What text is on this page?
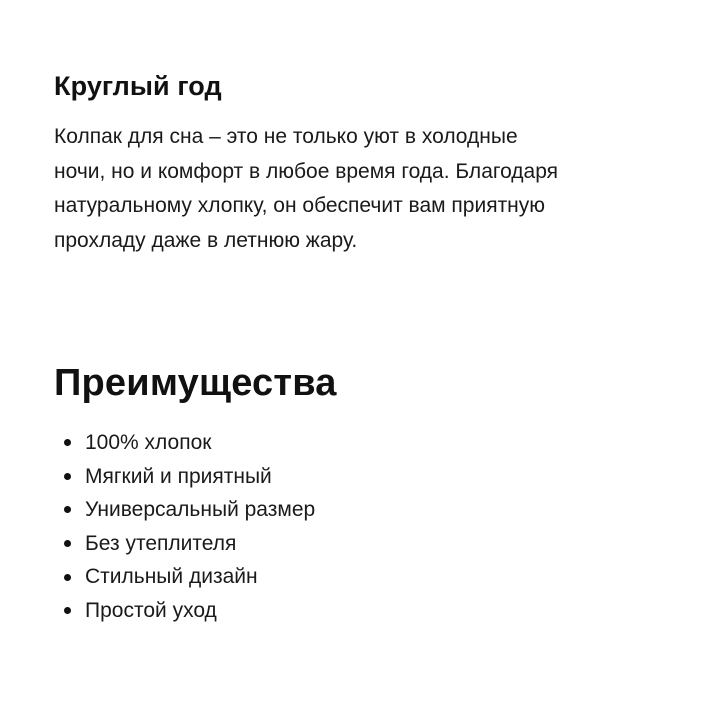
Круглый год

Колпак для сна – это не только уют в холодные
ночи, но и комфорт в любое время года. Благодаря
натуральному хлопку, он обеспечит вам приятную
прохладу даже в летнюю жару.

Преимущества
100% хлопок
Мягкий и приятный
Универсальный размер
Без утеплителя
Стильный дизайн
Простой уход
